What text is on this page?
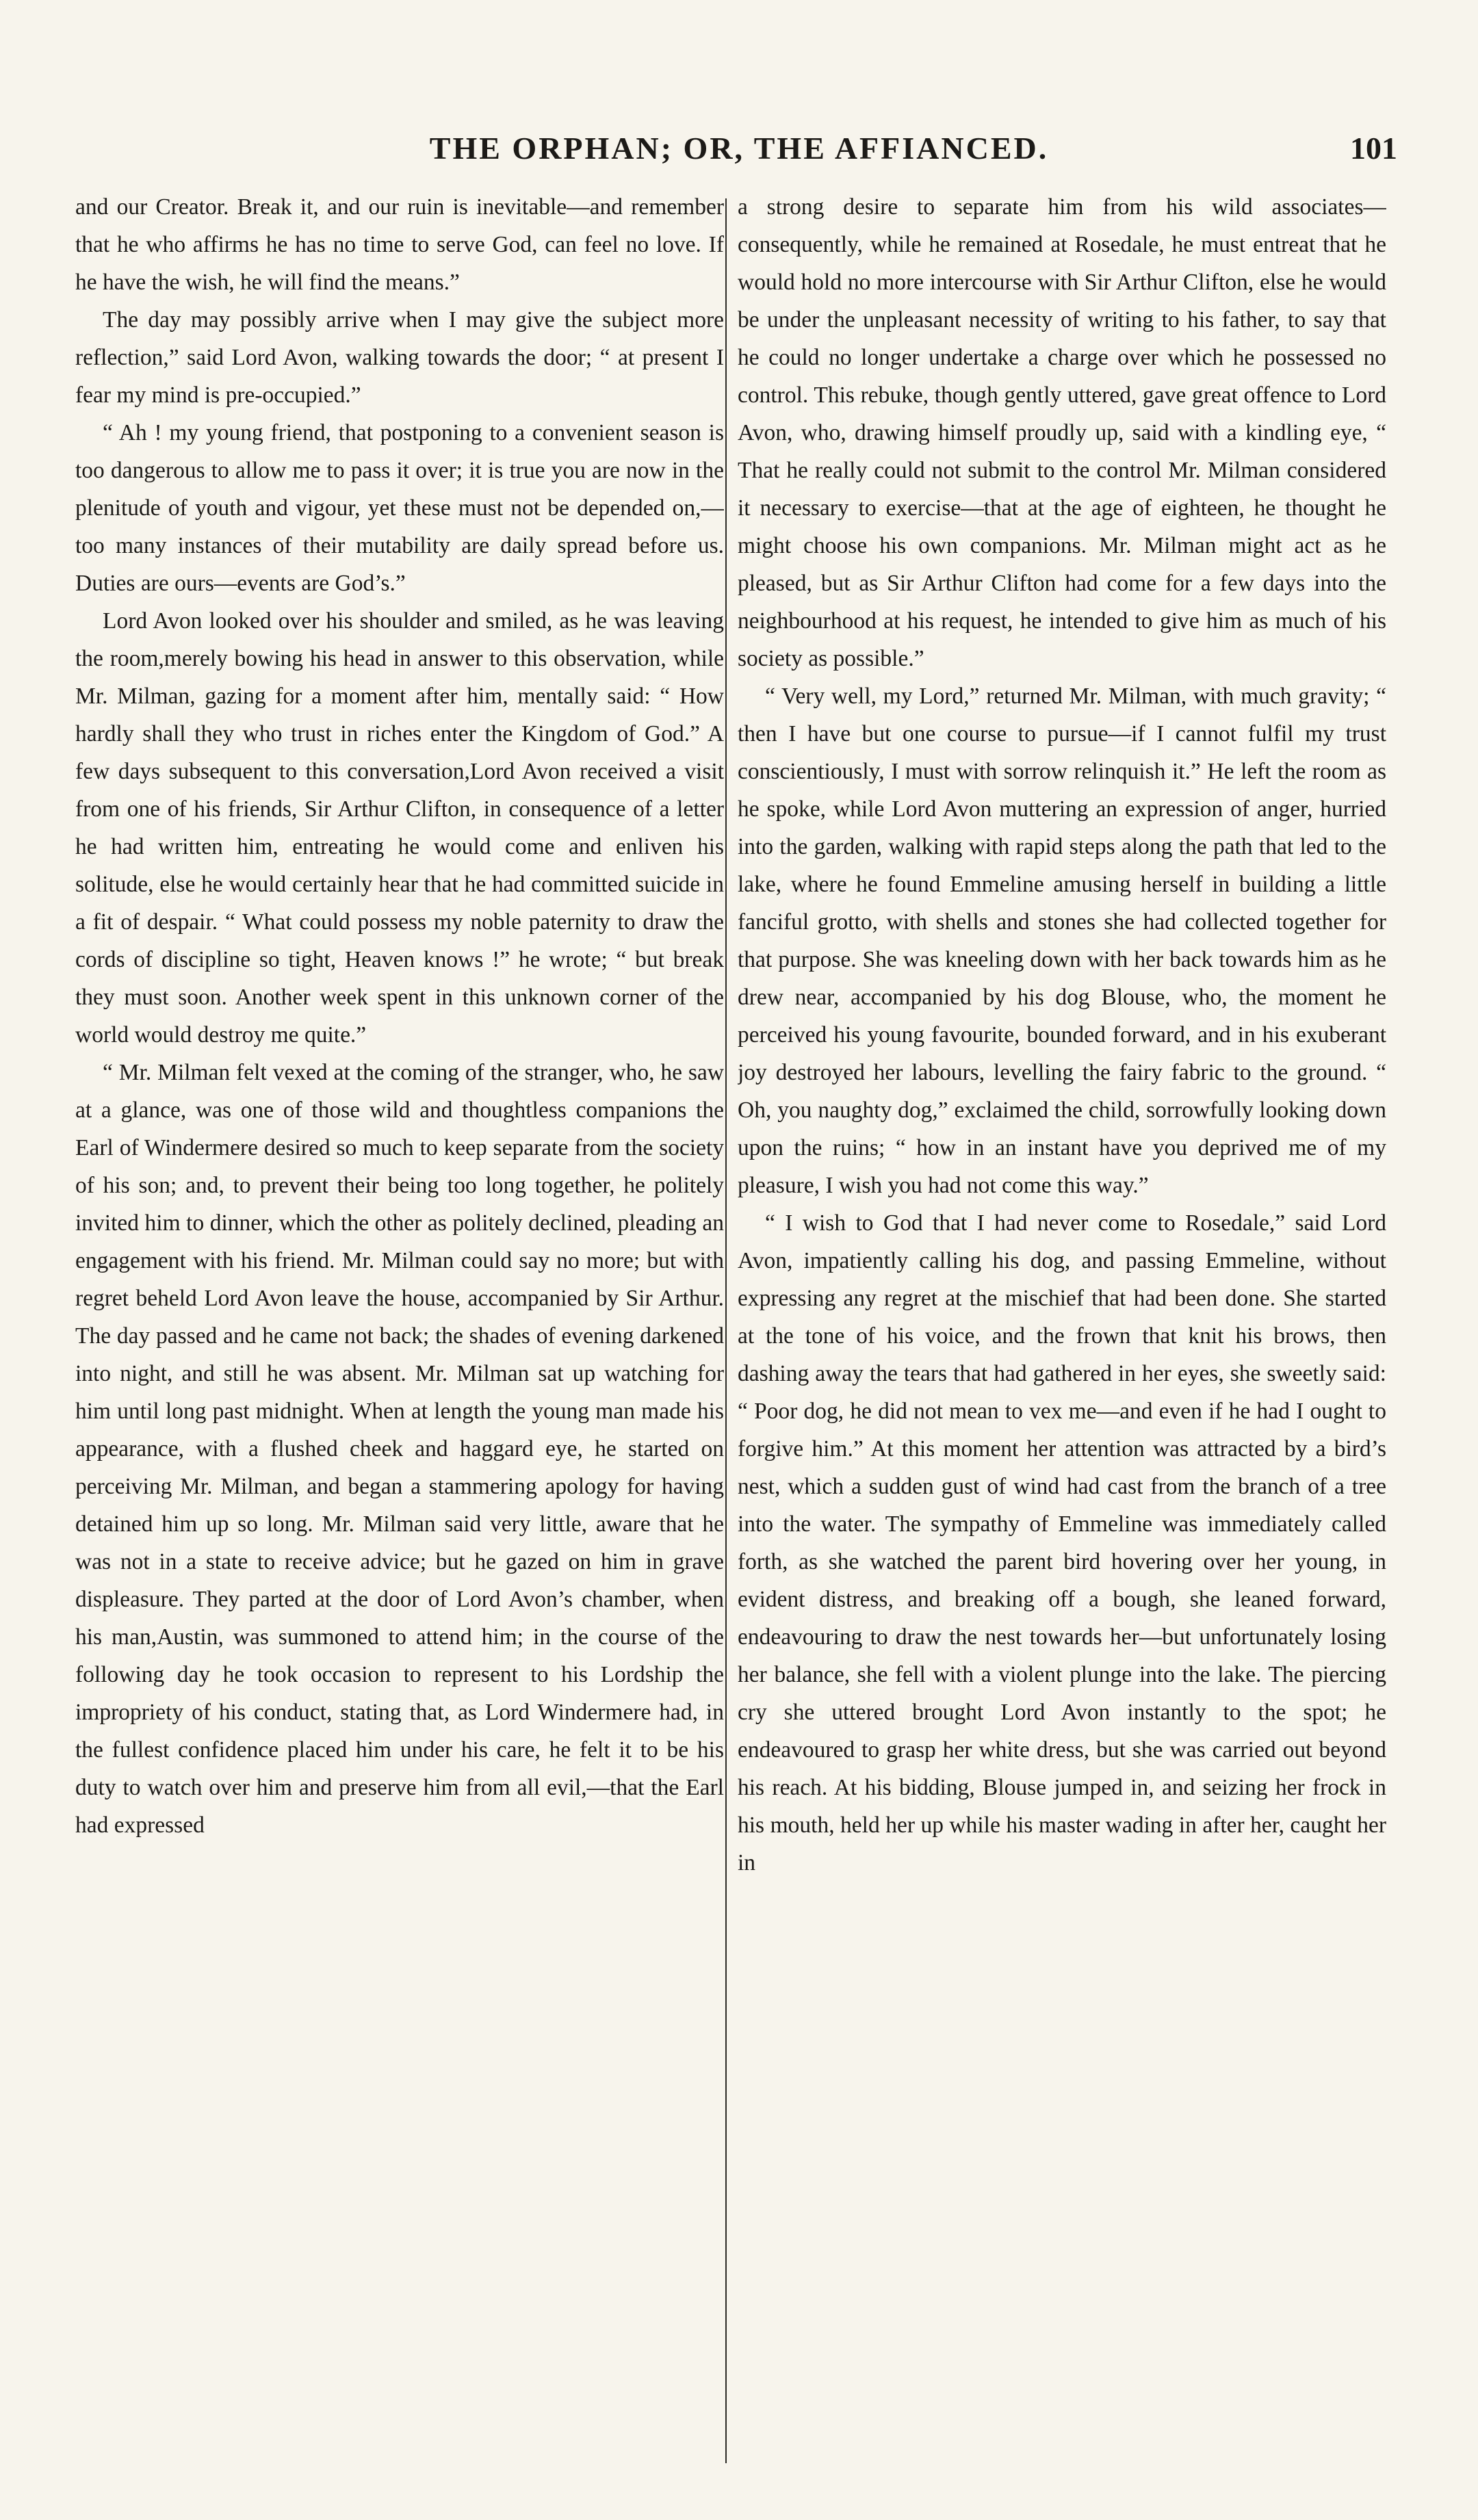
THE ORPHAN; OR, THE AFFIANCED.	101

and our Creator. Break it, and our ruin is inevitable—and remember that he who affirms he has no time to serve God, can feel no love. If he have the wish, he will find the means.”

The day may possibly arrive when I may give the subject more reflection,” said Lord Avon, walking towards the door; “ at present I fear my mind is pre-occupied.”

“ Ah ! my young friend, that postponing to a convenient season is too dangerous to allow me to pass it over; it is true you are now in the plenitude of youth and vigour, yet these must not be depended on,—too many instances of their mutability are daily spread before us. Duties are ours—events are God’s.”

Lord Avon looked over his shoulder and smiled, as he was leaving the room,merely bowing his head in answer to this observation, while Mr. Milman, gazing for a moment after him, mentally said: “ How hardly shall they who trust in riches enter the Kingdom of God.” A few days subsequent to this conversation,Lord Avon received a visit from one of his friends, Sir Arthur Clifton, in consequence of a letter he had written him, entreating he would come and enliven his solitude, else he would certainly hear that he had committed suicide in a fit of despair. “ What could possess my noble paternity to draw the cords of discipline so tight, Heaven knows !” he wrote; “ but break they must soon. Another week spent in this unknown corner of the world would destroy me quite.”

“ Mr. Milman felt vexed at the coming of the stranger, who, he saw at a glance, was one of those wild and thoughtless companions the Earl of Windermere desired so much to keep separate from the society of his son; and, to prevent their being too long together, he politely invited him to dinner, which the other as politely declined, pleading an engagement with his friend. Mr. Milman could say no more; but with regret beheld Lord Avon leave the house, accompanied by Sir Arthur. The day passed and he came not back; the shades of evening darkened into night, and still he was absent. Mr. Milman sat up watching for him until long past midnight. When at length the young man made his appearance, with a flushed cheek and haggard eye, he started on perceiving Mr. Milman, and began a stammering apology for having detained him up so long. Mr. Milman said very little, aware that he was not in a state to receive advice; but he gazed on him in grave displeasure. They parted at the door of Lord Avon’s chamber, when his man,Austin, was summoned to attend him; in the course of the following day he took occasion to represent to his Lordship the impropriety of his conduct, stating that, as Lord Windermere had, in the fullest confidence placed him under his care, he felt it to be his duty to watch over him and preserve him from all evil,—that the Earl had expressed

a strong desire to separate him from his wild associates—consequently, while he remained at Rosedale, he must entreat that he would hold no more intercourse with Sir Arthur Clifton, else he would be under the unpleasant necessity of writing to his father, to say that he could no longer undertake a charge over which he possessed no control. This rebuke, though gently uttered, gave great offence to Lord Avon, who, drawing himself proudly up, said with a kindling eye, “ That he really could not submit to the control Mr. Milman considered it necessary to exercise—that at the age of eighteen, he thought he might choose his own companions. Mr. Milman might act as he pleased, but as Sir Arthur Clifton had come for a few days into the neighbourhood at his request, he intended to give him as much of his society as possible.”

“ Very well, my Lord,” returned Mr. Milman, with much gravity; “ then I have but one course to pursue—if I cannot fulfil my trust conscientiously, I must with sorrow relinquish it.” He left the room as he spoke, while Lord Avon muttering an expression of anger, hurried into the garden, walking with rapid steps along the path that led to the lake, where he found Emmeline amusing herself in building a little fanciful grotto, with shells and stones she had collected together for that purpose. She was kneeling down with her back towards him as he drew near, accompanied by his dog Blouse, who, the moment he perceived his young favourite, bounded forward, and in his exuberant joy destroyed her labours, levelling the fairy fabric to the ground. “ Oh, you naughty dog,” exclaimed the child, sorrowfully looking down upon the ruins; “ how in an instant have you deprived me of my pleasure, I wish you had not come this way.”

“ I wish to God that I had never come to Rosedale,” said Lord Avon, impatiently calling his dog, and passing Emmeline, without expressing any regret at the mischief that had been done. She started at the tone of his voice, and the frown that knit his brows, then dashing away the tears that had gathered in her eyes, she sweetly said: “ Poor dog, he did not mean to vex me—and even if he had I ought to forgive him.” At this moment her attention was attracted by a bird’s nest, which a sudden gust of wind had cast from the branch of a tree into the water. The sympathy of Emmeline was immediately called forth, as she watched the parent bird hovering over her young, in evident distress, and breaking off a bough, she leaned forward, endeavouring to draw the nest towards her—but unfortunately losing her balance, she fell with a violent plunge into the lake. The piercing cry she uttered brought Lord Avon instantly to the spot; he endeavoured to grasp her white dress, but she was carried out beyond his reach. At his bidding, Blouse jumped in, and seizing her frock in his mouth, held her up while his master wading in after her, caught her in
